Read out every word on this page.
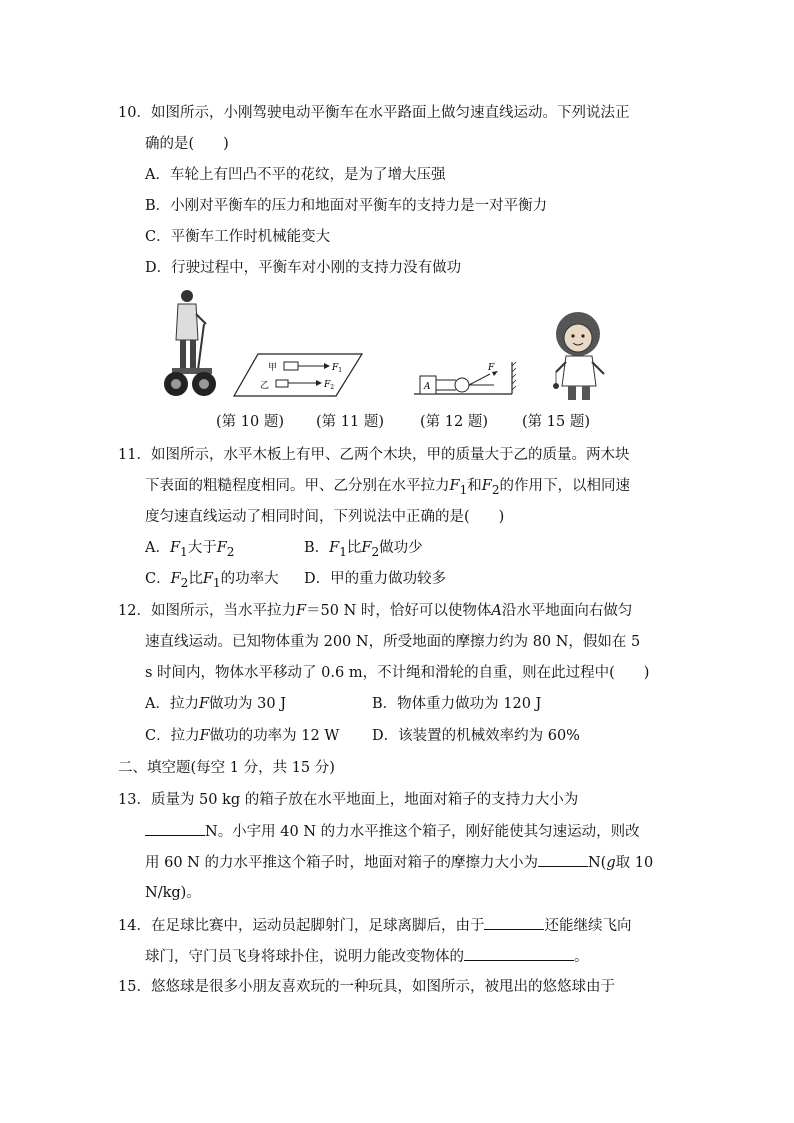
10．如图所示，小刚驾驶电动平衡车在水平路面上做匀速直线运动。下列说法正
确的是(　　)
A．车轮上有凹凸不平的花纹，是为了增大压强
B．小刚对平衡车的压力和地面对平衡车的支持力是一对平衡力
C．平衡车工作时机械能变大
D．行驶过程中，平衡车对小刚的支持力没有做功
甲
乙
$F_1$
$F_2$	A
F
(第 10 题) (第 11 题) (第 12 题) (第 15 题)
11．如图所示，水平木板上有甲、乙两个木块，甲的质量大于乙的质量。两木块
下表面的粗糙程度相同。甲、乙分别在水平拉力$F_1$和$F_2$的作用下，以相同速
度匀速直线运动了相同时间，下列说法中正确的是(　　)
A．$F_1$大于$F_2$	B．$F_1$比$F_2$做功少
C．$F_2$比$F_1$的功率大 D．甲的重力做功较多
12．如图所示，当水平拉力F＝50 N 时，恰好可以使物体A沿水平地面向右做匀
速直线运动。已知物体重为 200 N，所受地面的摩擦力约为 80 N，假如在 5
s 时间内，物体水平移动了 0.6 m，不计绳和滑轮的自重，则在此过程中(　　)
A．拉力F做功为 30 J	B．物体重力做功为 120 J
C．拉力F做功的功率为 12 W D．该装置的机械效率约为 60%
二、填空题(每空 1 分，共 15 分)
13．质量为 50 kg 的箱子放在水平地面上，地面对箱子的支持力大小为
N。小宇用 40 N 的力水平推这个箱子，刚好能使其匀速运动，则改
用 60 N 的力水平推这个箱子时，地面对箱子的摩擦力大小为	N(g取 10
N/kg)。
14．在足球比赛中，运动员起脚射门，足球离脚后，由于	还能继续飞向
球门，守门员飞身将球扑住，说明力能改变物体的	。
15．悠悠球是很多小朋友喜欢玩的一种玩具，如图所示，被甩出的悠悠球由于
